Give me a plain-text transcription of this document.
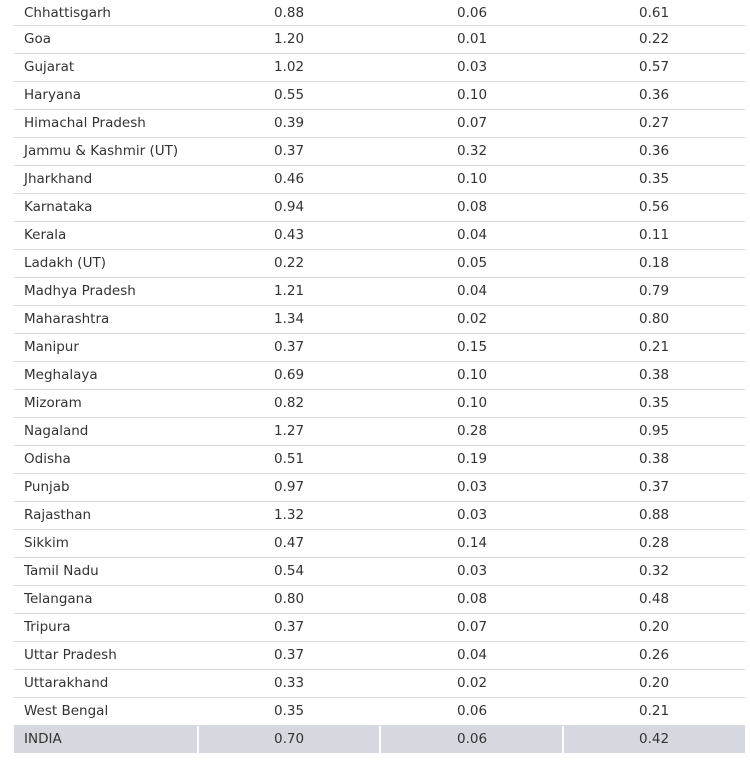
Chhattisgarh	0.88	0.06	0.61
Goa	1.20	0.01	0.22
Gujarat	1.02	0.03	0.57
Haryana	0.55	0.10	0.36
Himachal Pradesh	0.39	0.07	0.27
Jammu & Kashmir (UT)	0.37	0.32	0.36
Jharkhand	0.46	0.10	0.35
Karnataka	0.94	0.08	0.56
Kerala	0.43	0.04	0.11
Ladakh (UT)	0.22	0.05	0.18
Madhya Pradesh	1.21	0.04	0.79
Maharashtra	1.34	0.02	0.80
Manipur	0.37	0.15	0.21
Meghalaya	0.69	0.10	0.38
Mizoram	0.82	0.10	0.35
Nagaland	1.27	0.28	0.95
Odisha	0.51	0.19	0.38
Punjab	0.97	0.03	0.37
Rajasthan	1.32	0.03	0.88
Sikkim	0.47	0.14	0.28
Tamil Nadu	0.54	0.03	0.32
Telangana	0.80	0.08	0.48
Tripura	0.37	0.07	0.20
Uttar Pradesh	0.37	0.04	0.26
Uttarakhand	0.33	0.02	0.20
West Bengal	0.35	0.06	0.21
INDIA	0.70	0.06	0.42
